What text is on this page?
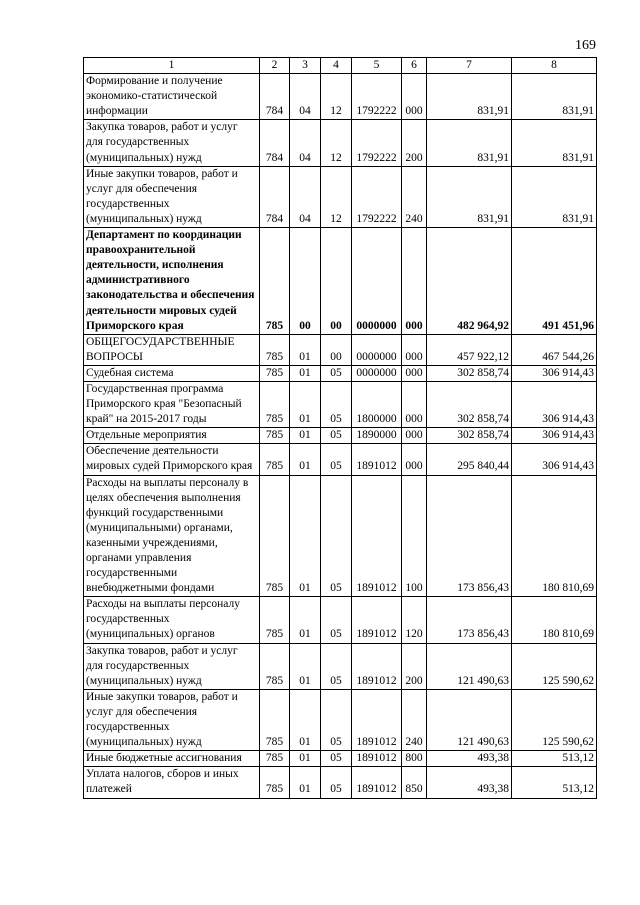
169
1	2	3	4	5	6	7	8
Формирование и получение экономико-статистической информации	784	04	12	1792222	000	831,91	831,91
Закупка товаров, работ и услуг для государственных (муниципальных) нужд	784	04	12	1792222	200	831,91	831,91
Иные закупки товаров, работ и услуг для обеспечения государственных (муниципальных) нужд	784	04	12	1792222	240	831,91	831,91
Департамент по координации правоохранительной деятельности, исполнения административного законодательства и обеспечения деятельности мировых судей Приморского края	785	00	00	0000000	000	482 964,92	491 451,96
ОБЩЕГОСУДАРСТВЕННЫЕ ВОПРОСЫ	785	01	00	0000000	000	457 922,12	467 544,26
Судебная система	785	01	05	0000000	000	302 858,74	306 914,43
Государственная программа Приморского края "Безопасный край" на 2015-2017 годы	785	01	05	1800000	000	302 858,74	306 914,43
Отдельные мероприятия	785	01	05	1890000	000	302 858,74	306 914,43
Обеспечение деятельности мировых судей Приморского края	785	01	05	1891012	000	295 840,44	306 914,43
Расходы на выплаты персоналу в целях обеспечения выполнения функций государственными (муниципальными) органами, казенными учреждениями, органами управления государственными внебюджетными фондами	785	01	05	1891012	100	173 856,43	180 810,69
Расходы на выплаты персоналу государственных (муниципальных) органов	785	01	05	1891012	120	173 856,43	180 810,69
Закупка товаров, работ и услуг для государственных (муниципальных) нужд	785	01	05	1891012	200	121 490,63	125 590,62
Иные закупки товаров, работ и услуг для обеспечения государственных (муниципальных) нужд	785	01	05	1891012	240	121 490,63	125 590,62
Иные бюджетные ассигнования	785	01	05	1891012	800	493,38	513,12
Уплата налогов, сборов и иных платежей	785	01	05	1891012	850	493,38	513,12
